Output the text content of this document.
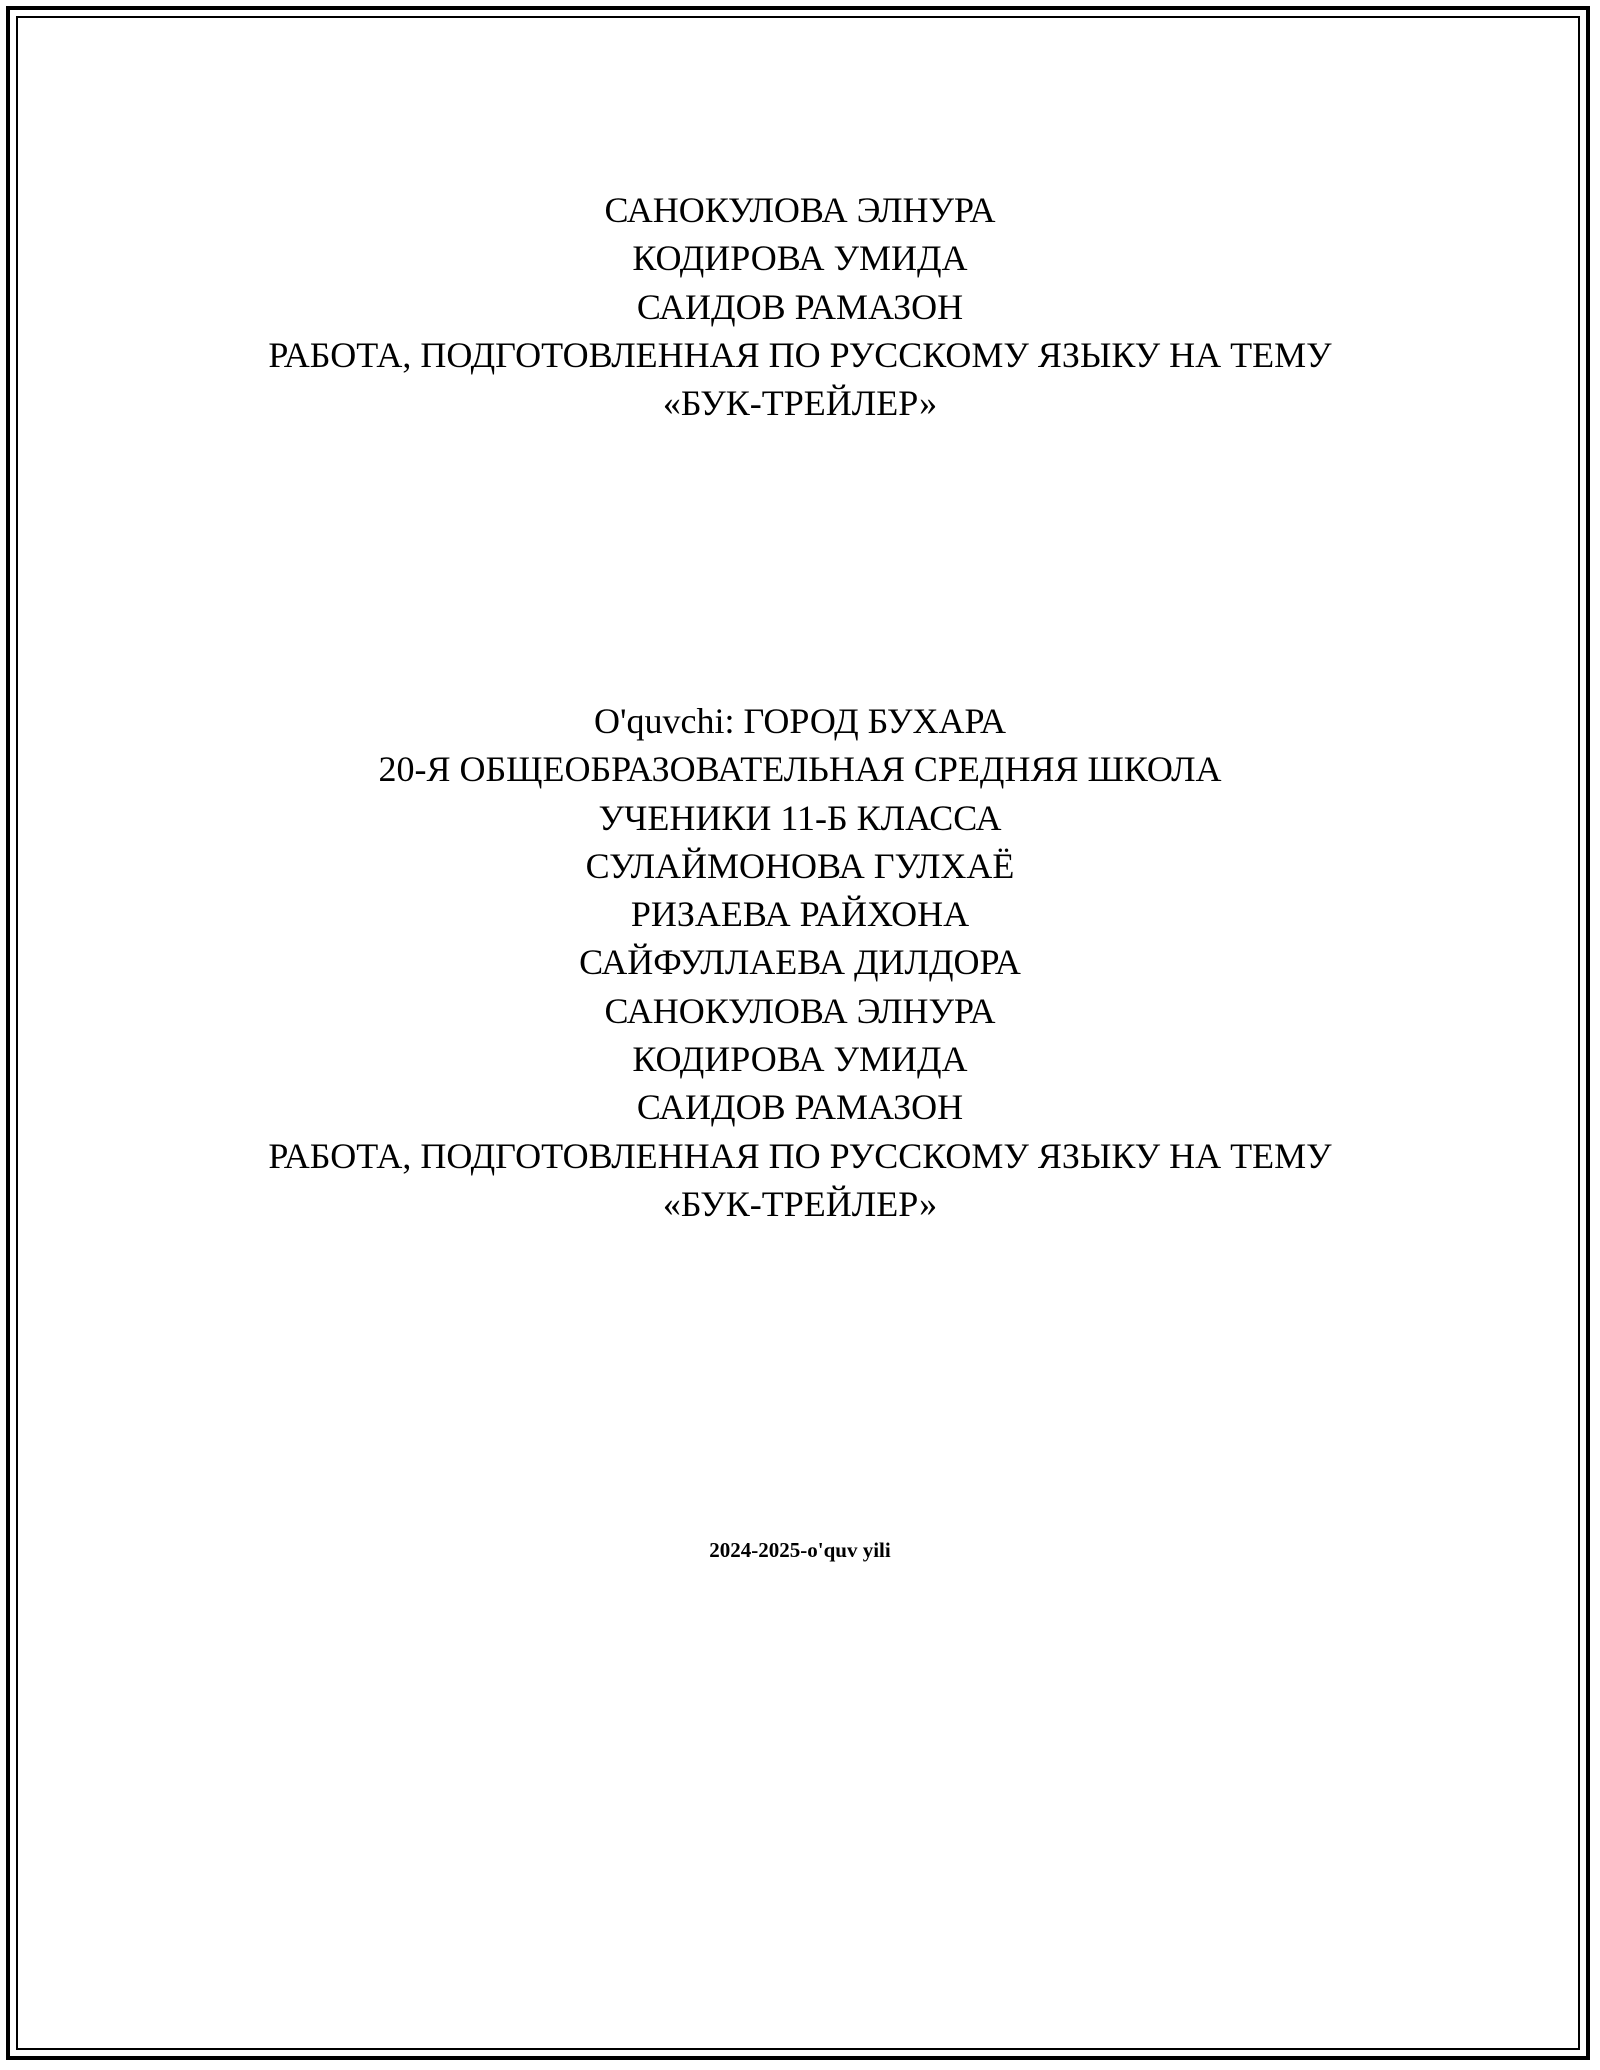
САНОКУЛОВА ЭЛНУРА
КОДИРОВА УМИДА
САИДОВ РАМАЗОН
РАБОТА, ПОДГОТОВЛЕННАЯ ПО РУССКОМУ ЯЗЫКУ НА ТЕМУ
«БУК-ТРЕЙЛЕР»
O'quvchi: ГОРОД БУХАРА
20-Я ОБЩЕОБРАЗОВАТЕЛЬНАЯ СРЕДНЯЯ ШКОЛА
УЧЕНИКИ 11-Б КЛАССА
СУЛАЙМОНОВА ГУЛХАЁ
РИЗАЕВА РАЙХОНА
САЙФУЛЛАЕВА ДИЛДОРА
САНОКУЛОВА ЭЛНУРА
КОДИРОВА УМИДА
САИДОВ РАМАЗОН
РАБОТА, ПОДГОТОВЛЕННАЯ ПО РУССКОМУ ЯЗЫКУ НА ТЕМУ
«БУК-ТРЕЙЛЕР»
2024-2025-o'quv yili
